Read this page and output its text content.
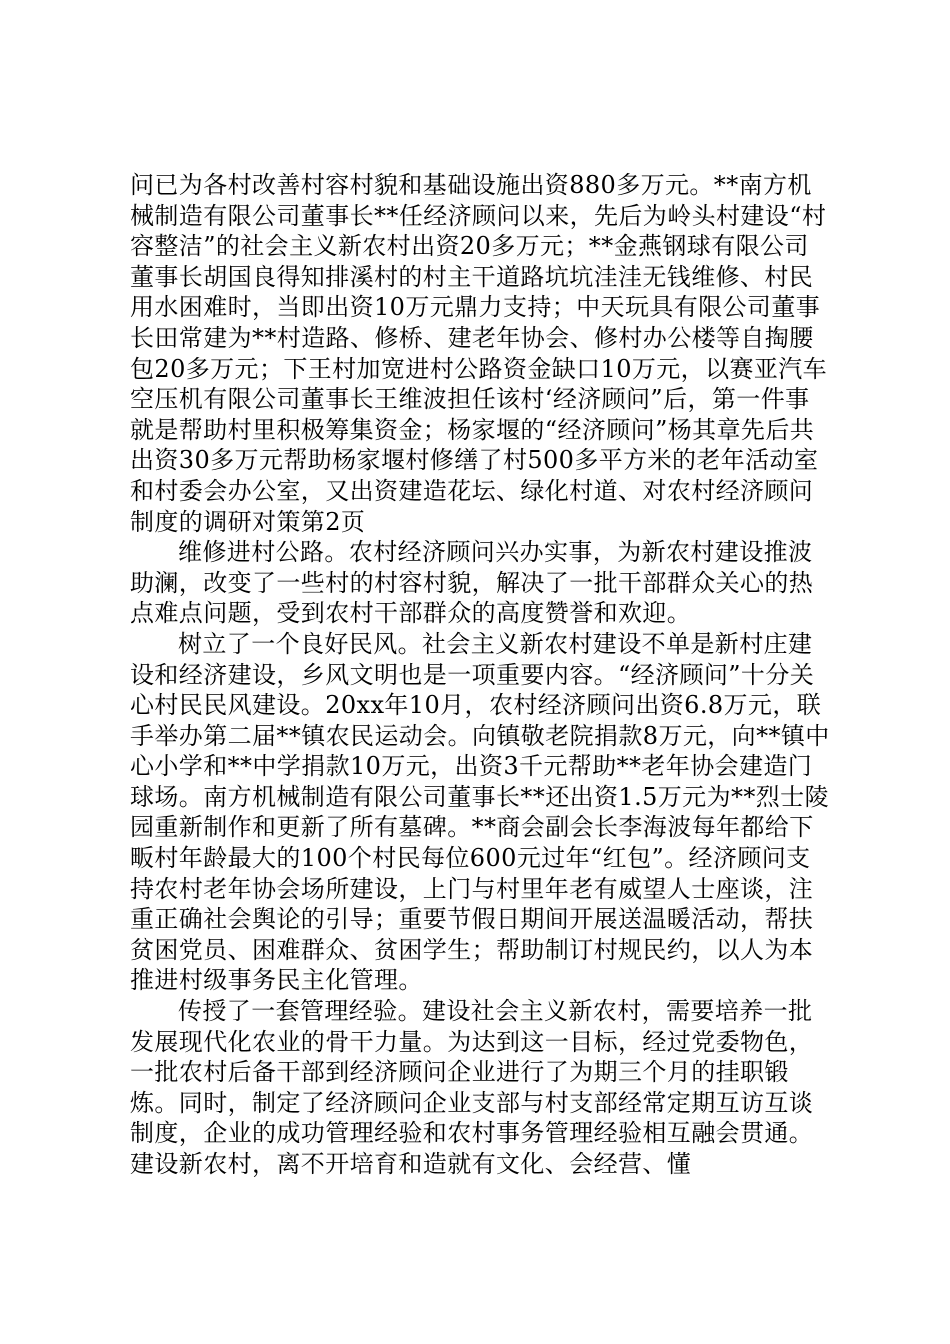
问已为各村改善村容村貌和基础设施出资880多万元。**南方机械制造有限公司董事长**任经济顾问以来，先后为岭头村建设“村容整洁”的社会主义新农村出资20多万元；**金燕钢球有限公司董事长胡国良得知排溪村的村主干道路坑坑洼洼无钱维修、村民用水困难时，当即出资10万元鼎力支持；中天玩具有限公司董事长田常建为**村造路、修桥、建老年协会、修村办公楼等自掏腰包20多万元；下王村加宽进村公路资金缺口10万元，以赛亚汽车空压机有限公司董事长王维波担任该村‘经济顾问”后，第一件事就是帮助村里积极筹集资金；杨家堰的“经济顾问”杨其章先后共出资30多万元帮助杨家堰村修缮了村500多平方米的老年活动室和村委会办公室，又出资建造花坛、绿化村道、对农村经济顾问制度的调研对策第2页

维修进村公路。农村经济顾问兴办实事，为新农村建设推波助澜，改变了一些村的村容村貌，解决了一批干部群众关心的热点难点问题，受到农村干部群众的高度赞誉和欢迎。

树立了一个良好民风。社会主义新农村建设不单是新村庄建设和经济建设，乡风文明也是一项重要内容。“经济顾问”十分关心村民民风建设。20xx年10月，农村经济顾问出资6.8万元，联手举办第二届**镇农民运动会。向镇敬老院捐款8万元，向**镇中心小学和**中学捐款10万元，出资3千元帮助**老年协会建造门球场。南方机械制造有限公司董事长**还出资1.5万元为**烈士陵园重新制作和更新了所有墓碑。**商会副会长李海波每年都给下畈村年龄最大的100个村民每位600元过年“红包”。经济顾问支持农村老年协会场所建设，上门与村里年老有威望人士座谈，注重正确社会舆论的引导；重要节假日期间开展送温暖活动，帮扶贫困党员、困难群众、贫困学生；帮助制订村规民约，以人为本推进村级事务民主化管理。

传授了一套管理经验。建设社会主义新农村，需要培养一批发展现代化农业的骨干力量。为达到这一目标，经过党委物色，一批农村后备干部到经济顾问企业进行了为期三个月的挂职锻炼。同时，制定了经济顾问企业支部与村支部经常定期互访互谈制度，企业的成功管理经验和农村事务管理经验相互融会贯通。建设新农村，离不开培育和造就有文化、会经营、懂
